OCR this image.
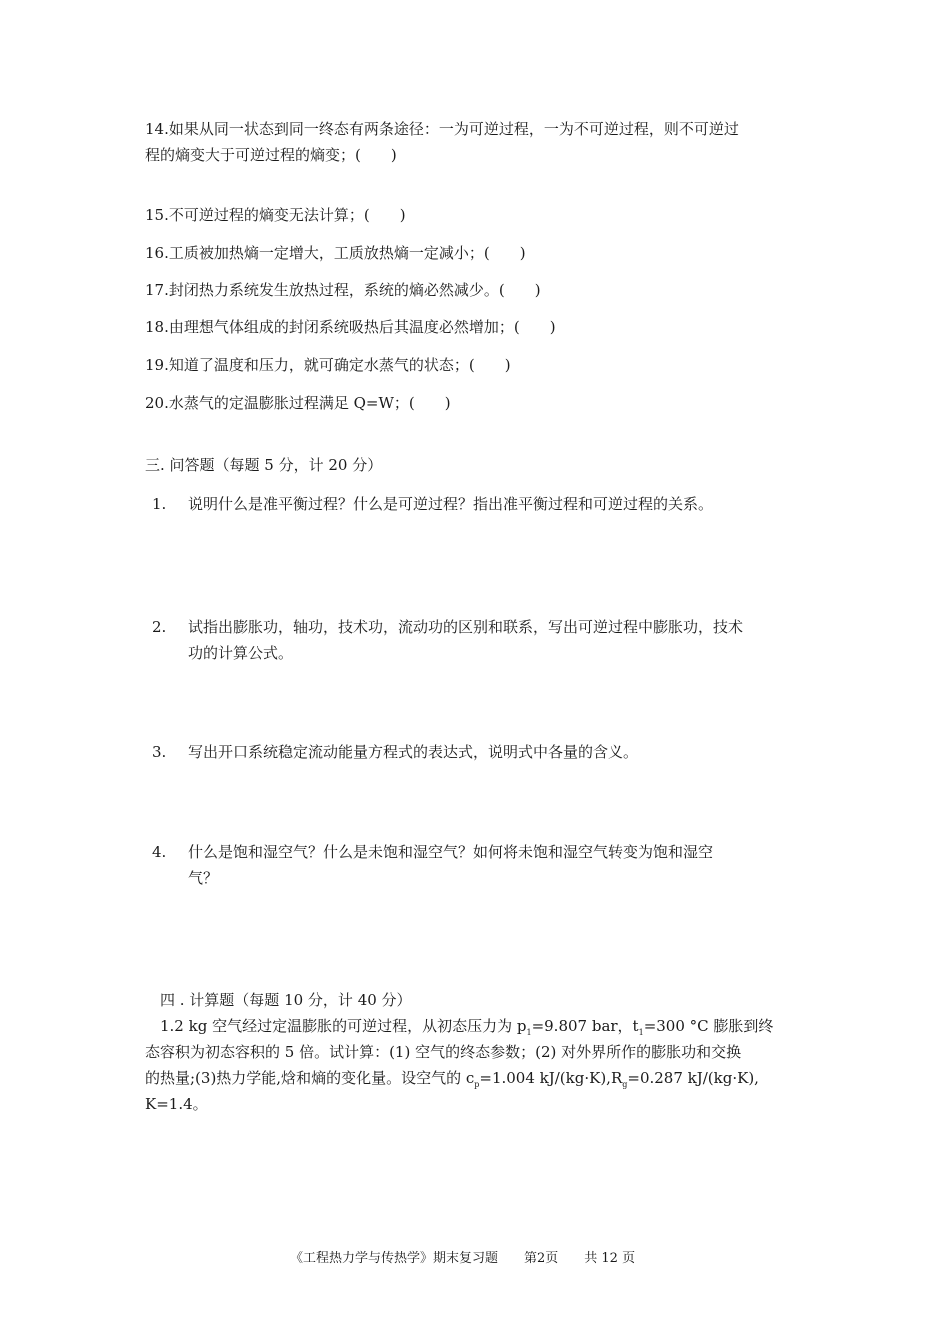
14.如果从同一状态到同一终态有两条途径：一为可逆过程，一为不可逆过程，则不可逆过
程的熵变大于可逆过程的熵变；(　　)
15.不可逆过程的熵变无法计算；(　　)
16.工质被加热熵一定增大，工质放热熵一定减小；(　　)
17.封闭热力系统发生放热过程，系统的熵必然减少。(　　)
18.由理想气体组成的封闭系统吸热后其温度必然增加；(　　)
19.知道了温度和压力，就可确定水蒸气的状态；(　　)
20.水蒸气的定温膨胀过程满足 Q=W；(　　)
三. 问答题（每题 5 分，计 20 分）
1. 说明什么是准平衡过程？什么是可逆过程？指出准平衡过程和可逆过程的关系。
2. 试指出膨胀功，轴功，技术功，流动功的区别和联系，写出可逆过程中膨胀功，技术
功的计算公式。
3. 写出开口系统稳定流动能量方程式的表达式，说明式中各量的含义。
4. 什么是饱和湿空气？什么是未饱和湿空气？如何将未饱和湿空气转变为饱和湿空
气？
四 . 计算题（每题 10 分，计 40 分）
1.2 kg 空气经过定温膨胀的可逆过程，从初态压力为 $p_1=9.807$ bar，$t_1=300$ °C 膨胀到终
态容积为初态容积的 5 倍。试计算：(1) 空气的终态参数；(2) 对外界所作的膨胀功和交换
的热量;(3)热力学能,焓和熵的变化量。设空气的 $c_p=1.004$ $kJ/(kg\cdot K),R_g=0.287$ kJ/(kg·K),
K=1.4。
《工程热力学与传热学》期末复习题　　第2页　　共 12 页
